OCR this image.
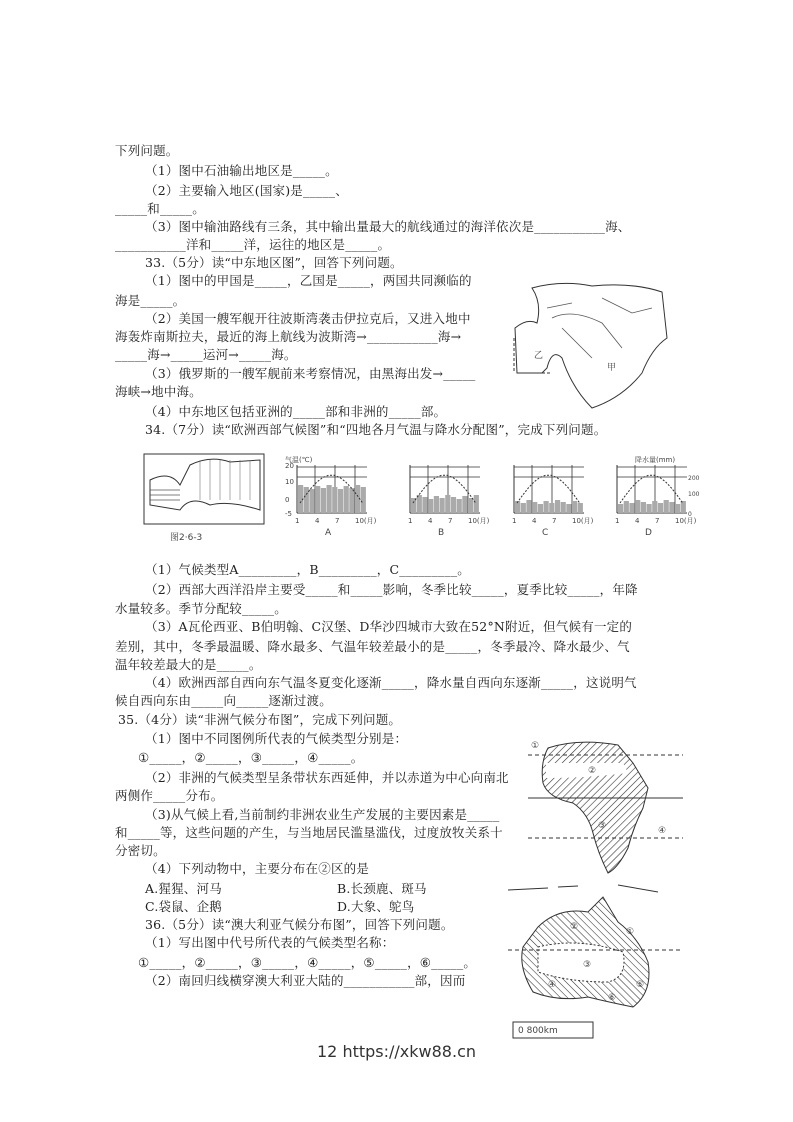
下列问题。
（1）图中石油输出地区是_____。
（2）主要输入地区(国家)是_____、
_____和_____。
（3）图中输油路线有三条，其中输出量最大的航线通过的海洋依次是___________海、
___________洋和_____洋，运往的地区是_____。
33.（5分）读“中东地区图”，回答下列问题。
（1）图中的甲国是_____，乙国是_____，两国共同濒临的
海是_____。
（2）美国一艘军舰开往波斯湾袭击伊拉克后，又进入地中
海轰炸南斯拉夫，最近的海上航线为波斯湾→___________海→
_____海→_____运河→_____海。
（3）俄罗斯的一艘军舰前来考察情况，由黑海出发→_____
海峡→地中海。
（4）中东地区包括亚洲的_____部和非洲的_____部。
34.（7分）读“欧洲西部气候图”和“四地各月气温与降水分配图”，完成下列问题。
（1）气候类型A_________，B_________，C_________。
（2）西部大西洋沿岸主要受_____和_____影响，冬季比较_____，夏季比较_____，年降
水量较多。季节分配较_____。
（3）A瓦伦西亚、B伯明翰、C汉堡、D华沙四城市大致在52°N附近，但气候有一定的
差别，其中，冬季最温暖、降水最多、气温年较差最小的是_____，冬季最冷、降水最少、气
温年较差最大的是_____。
（4）欧洲西部自西向东气温冬夏变化逐渐_____，降水量自西向东逐渐_____，这说明气
候自西向东由_____向_____逐渐过渡。
35.（4分）读“非洲气候分布图”，完成下列问题。
（1）图中不同图例所代表的气候类型分别是：
①_____，②_____，③_____，④_____。
（2）非洲的气候类型呈条带状东西延伸，并以赤道为中心向南北
两侧作_____分布。
（3)从气候上看,当前制约非洲农业生产发展的主要因素是_____
和_____等，这些问题的产生，与当地居民滥垦滥伐，过度放牧关系十
分密切。
（4）下列动物中，主要分布在②区的是
A.猩猩、河马	B.长颈鹿、斑马
C.袋鼠、企鹅	D.大象、鸵鸟
36.（5分）读“澳大利亚气候分布图”，回答下列问题。
（1）写出图中代号所代表的气候类型名称：
①_____，②_____，③_____，④_____，⑤_____，⑥_____。
（2）南回归线横穿澳大利亚大陆的___________部，因而
乙
甲
图2·6-3	A
1 4 7 10(月)
气温(℃)
20
10
0
-5
B
1 4 7 10(月)
C
1 4 7 10(月)
D
1 4 7 10(月)
降水量(mm)
200
100
0
①
②
③	④
②	①
③
④	⑤
⑥
0 800km
12 https://xkw88.cn
